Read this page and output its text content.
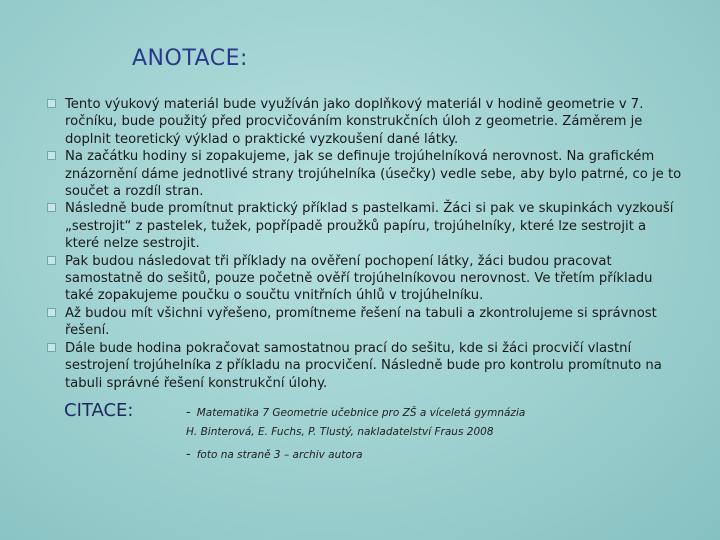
ANOTACE:
Tento výukový materiál bude využíván jako doplňkový materiál v hodině geometrie v 7. ročníku, bude použitý před procvičováním konstrukčních úloh z geometrie. Záměrem je doplnit teoretický výklad o praktické vyzkoušení dané látky.
Na začátku hodiny si zopakujeme, jak se definuje trojúhelníková nerovnost. Na grafickém znázornění dáme jednotlivé strany trojúhelníka (úsečky) vedle sebe, aby bylo patrné, co je to součet a rozdíl stran.
Následně bude promítnut praktický příklad s pastelkami. Žáci si pak ve skupinkách vyzkouší „sestrojit“ z pastelek, tužek, popřípadě proužků papíru, trojúhelníky, které lze sestrojit a které nelze sestrojit.
Pak budou následovat tři příklady na ověření pochopení látky, žáci budou pracovat samostatně do sešitů, pouze početně ověří trojúhelníkovou nerovnost. Ve třetím příkladu také zopakujeme poučku o součtu vnitřních úhlů v trojúhelníku.
Až budou mít všichni vyřešeno, promítneme řešení na tabuli a zkontrolujeme si správnost řešení.
Dále bude hodina pokračovat samostatnou prací do sešitu, kde si žáci procvičí vlastní sestrojení trojúhelníka z příkladu na procvičení. Následně bude pro kontrolu promítnuto na tabuli správné řešení konstrukční úlohy.
CITACE:	- Matematika 7 Geometrie učebnice pro ZŠ a víceletá gymnázia
H. Binterová, E. Fuchs, P. Tlustý, nakladatelství Fraus 2008
- foto na straně 3 – archiv autora
